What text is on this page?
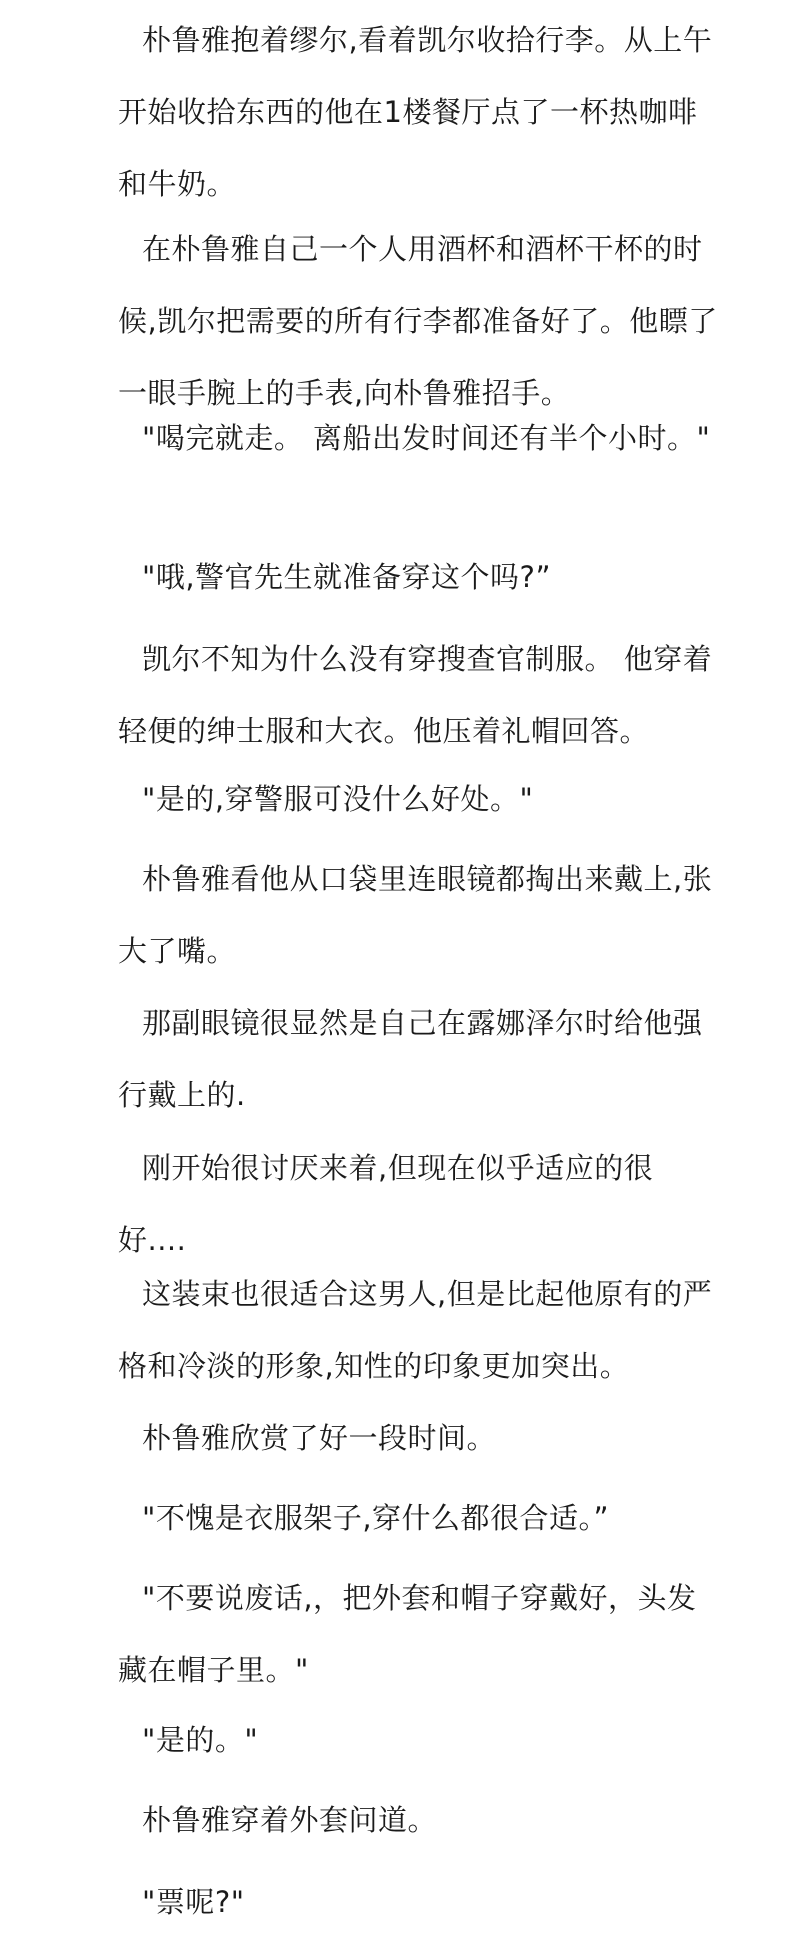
朴鲁雅抱着缪尔,看着凯尔收拾行李。从上午开始收拾东西的他在1楼餐厅点了一杯热咖啡和牛奶。

在朴鲁雅自己一个人用酒杯和酒杯干杯的时候,凯尔把需要的所有行李都准备好了。他瞟了一眼手腕上的手表,向朴鲁雅招手。

"喝完就走。 离船出发时间还有半个小时。"

"哦,警官先生就准备穿这个吗?”

凯尔不知为什么没有穿搜查官制服。 他穿着轻便的绅士服和大衣。他压着礼帽回答。

"是的,穿警服可没什么好处。"

朴鲁雅看他从口袋里连眼镜都掏出来戴上,张大了嘴。

那副眼镜很显然是自己在露娜泽尔时给他强行戴上的.

刚开始很讨厌来着,但现在似乎适应的很好....

这装束也很适合这男人,但是比起他原有的严格和冷淡的形象,知性的印象更加突出。

朴鲁雅欣赏了好一段时间。

"不愧是衣服架子,穿什么都很合适。”

"不要说废话,，把外套和帽子穿戴好，头发藏在帽子里。"

"是的。"

朴鲁雅穿着外套问道。

"票呢?"
